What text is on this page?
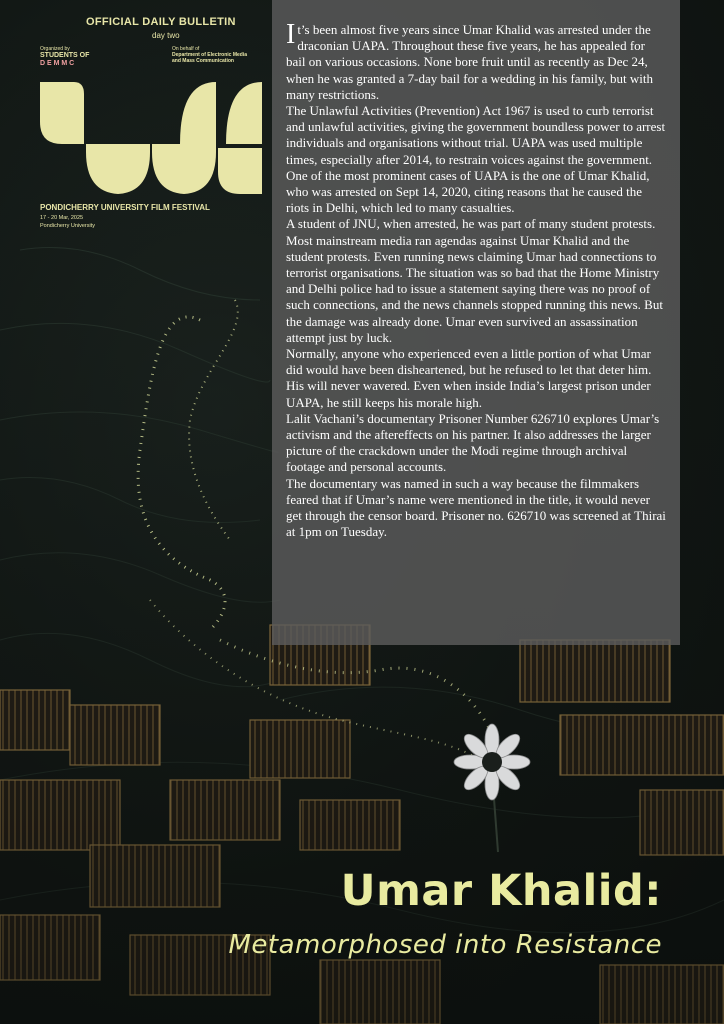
OFFICIAL DAILY BULLETIN
day two
Organized by
STUDENTS OF
D E M M C
On behalf of
Department of Electronic Media
and Mass Communication
PONDICHERRY UNIVERSITY FILM FESTIVAL
17 - 20 Mar, 2025
Pondicherry University

It’s been almost five years since Umar Khalid was arrested under the draconian UAPA. Throughout these five years, he has appealed for bail on various occasions. None bore fruit until as recently as Dec 24, when he was granted a 7-day bail for a wedding in his family, but with many restrictions.

The Unlawful Activities (Prevention) Act 1967 is used to curb terrorist and unlawful activities, giving the government boundless power to arrest individuals and organisations without trial. UAPA was used multiple times, especially after 2014, to restrain voices against the government.

One of the most prominent cases of UAPA is the one of Umar Khalid, who was arrested on Sept 14, 2020, citing reasons that he caused the riots in Delhi, which led to many casualties.

A student of JNU, when arrested, he was part of many student protests. Most mainstream media ran agendas against Umar Khalid and the student protests. Even running news claiming Umar had connections to terrorist organisations. The situation was so bad that the Home Ministry and Delhi police had to issue a statement saying there was no proof of such connections, and the news channels stopped running this news. But the damage was already done. Umar even survived an assassination attempt just by luck.

Normally, anyone who experienced even a little portion of what Umar did would have been disheartened, but he refused to let that deter him. His will never wavered. Even when inside India’s largest prison under UAPA, he still keeps his morale high.

Lalit Vachani’s documentary Prisoner Number 626710 explores Umar’s activism and the aftereffects on his partner. It also addresses the larger picture of the crackdown under the Modi regime through archival footage and personal accounts.

The documentary was named in such a way because the filmmakers feared that if Umar’s name were mentioned in the title, it would never get through the censor board. Prisoner no. 626710 was screened at Thirai at 1pm on Tuesday.

Umar Khalid:
Metamorphosed into Resistance
